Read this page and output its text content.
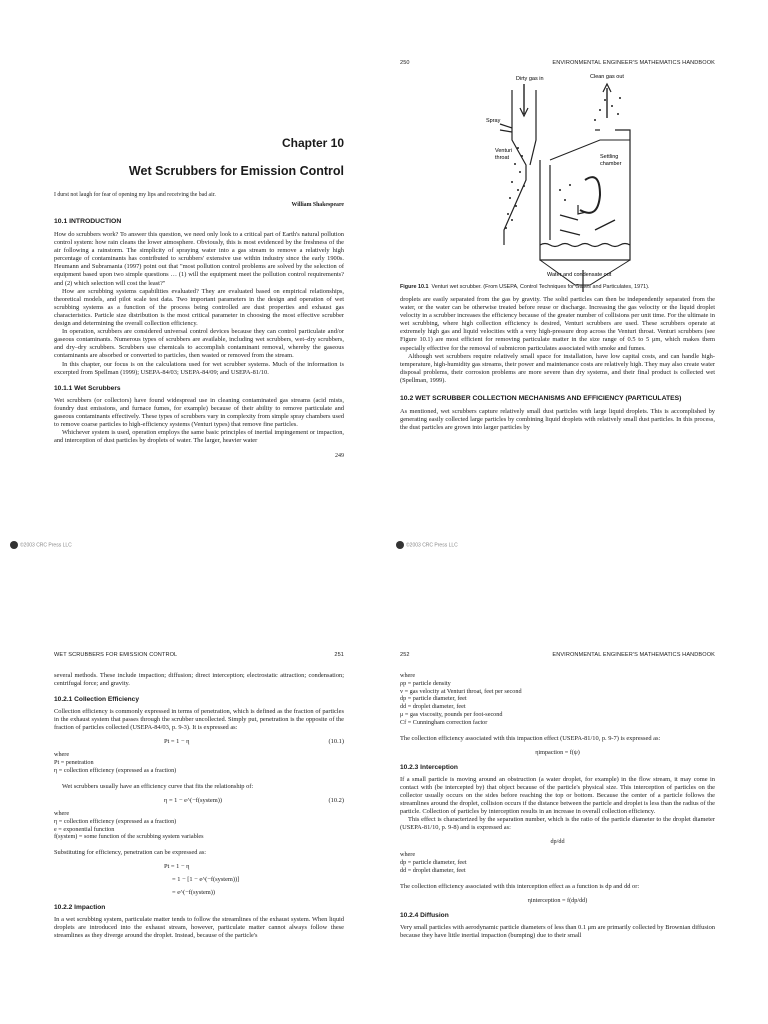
Chapter 10
Wet Scrubbers for Emission Control
I durst not laugh for fear of opening my lips and receiving the bad air.
William Shakespeare
10.1 INTRODUCTION

How do scrubbers work? To answer this question, we need only look to a critical part of Earth's natural pollution control system: how rain cleans the lower atmosphere. Obviously, this is most evidenced by the freshness of the air following a rainstorm. The simplicity of spraying water into a gas stream to remove a relatively high percentage of contaminants has contributed to scrubbers' extensive use within industry since the early 1900s. Heumann and Subramania (1997) point out that "most pollution control problems are solved by the selection of equipment based upon two simple questions … (1) will the equipment meet the pollution control requirements? and (2) which selection will cost the least?"

How are scrubbing systems capabilities evaluated? They are evaluated based on empirical relationships, theoretical models, and pilot scale test data. Two important parameters in the design and operation of wet scrubbing systems as a function of the process being controlled are dust properties and exhaust gas characteristics. Particle size distribution is the most critical parameter in choosing the most effective scrubber design and determining the overall collection efficiency.

In operation, scrubbers are considered universal control devices because they can control particulate and/or gaseous contaminants. Numerous types of scrubbers are available, including wet scrubbers, wet–dry scrubbers, and dry–dry scrubbers. Scrubbers use chemicals to accomplish contaminant removal, whereby the gaseous contaminants are absorbed or converted to particles, then wasted or removed from the stream.

In this chapter, our focus is on the calculations used for wet scrubber systems. Much of the information is excerpted from Spellman (1999); USEPA-84/03; USEPA-84/09; and USEPA-81/10.

10.1.1 Wet Scrubbers

Wet scrubbers (or collectors) have found widespread use in cleaning contaminated gas streams (acid mists, foundry dust emissions, and furnace fumes, for example) because of their ability to remove particulate and gaseous contaminants effectively. These types of scrubbers vary in complexity from simple spray chambers used to remove coarse particles to high-efficiency systems (Venturi types) that remove fine particles.

Whichever system is used, operation employs the same basic principles of inertial impingement or impaction, and interception of dust particles by droplets of water. The larger, heavier water

249
©2003 CRC Press LLC
250	ENVIRONMENTAL ENGINEER'S MATHEMATICS HANDBOOK
Clean gas out
Dirty gas in
Spray
Venturi
throat	Settling
chamber
Water and condensate out
Figure 10.1 Venturi wet scrubber. (From USEPA, Control Techniques for Gases and Particulates, 1971).

droplets are easily separated from the gas by gravity. The solid particles can then be independently separated from the water, or the water can be otherwise treated before reuse or discharge. Increasing the gas velocity or the liquid droplet velocity in a scrubber increases the efficiency because of the greater number of collisions per unit time. For the ultimate in wet scrubbing, where high collection efficiency is desired, Venturi scrubbers are used. These scrubbers operate at extremely high gas and liquid velocities with a very high-pressure drop across the Venturi throat. Venturi scrubbers (see Figure 10.1) are most efficient for removing particulate matter in the size range of 0.5 to 5 μm, which makes them especially effective for the removal of submicron particulates associated with smoke and fumes.

Although wet scrubbers require relatively small space for installation, have low capital costs, and can handle high-temperature, high-humidity gas streams, their power and maintenance costs are relatively high. They may also create water disposal problems, their corrosion problems are more severe than dry systems, and their final product is collected wet (Spellman, 1999).

10.2 WET SCRUBBER COLLECTION MECHANISMS AND EFFICIENCY (PARTICULATES)

As mentioned, wet scrubbers capture relatively small dust particles with large liquid droplets. This is accomplished by generating easily collected large particles by combining liquid droplets with relatively small dust particles. In this process, the dust particles are grown into larger particles by

©2003 CRC Press LLC
WET SCRUBBERS FOR EMISSION CONTROL	251

several methods. These include impaction; diffusion; direct interception; electrostatic attraction; condensation; centrifugal force; and gravity.

10.2.1 Collection Efficiency

Collection efficiency is commonly expressed in terms of penetration, which is defined as the fraction of particles in the exhaust system that passes through the scrubber uncollected. Simply put, penetration is the opposite of the fraction of particles collected (USEPA-84/03, p. 9-3). It is expressed as:

Pt = 1 − η	(10.1)
where
Pt = penetration
η = collection efficiency (expressed as a fraction)

Wet scrubbers usually have an efficiency curve that fits the relationship of:

η = 1 − e^(−f(system))	(10.2)
where
η = collection efficiency (expressed as a fraction)
e = exponential function
f(system) = some function of the scrubbing system variables

Substituting for efficiency, penetration can be expressed as:

Pt = 1 − η
= 1 − [1 − e^(−f(system))]
= e^(−f(system))
10.2.2 Impaction

In a wet scrubbing system, particulate matter tends to follow the streamlines of the exhaust system. When liquid droplets are introduced into the exhaust stream, however, particulate matter cannot always follow these streamlines as they diverge around the droplet. Instead, because of the particle's

252	ENVIRONMENTAL ENGINEER'S MATHEMATICS HANDBOOK
where
ρp = particle density
v = gas velocity at Venturi throat, feet per second
dp = particle diameter, feet
dd = droplet diameter, feet
μ = gas viscosity, pounds per foot-second
Cf = Cunningham correction factor

The collection efficiency associated with this impaction effect (USEPA-81/10, p. 9-7) is expressed as:

ηimpaction = f(ψ)
10.2.3 Interception

If a small particle is moving around an obstruction (a water droplet, for example) in the flow stream, it may come in contact with (be intercepted by) that object because of the particle's physical size. This interception of particles on the collector usually occurs on the sides before reaching the top or bottom. Because the center of a particle follows the streamlines around the droplet, collision occurs if the distance between the particle and droplet is less than the radius of the particle. Collection of particles by interception results in an increase in overall collection efficiency.

This effect is characterized by the separation number, which is the ratio of the particle diameter to the droplet diameter (USEPA-81/10, p. 9-8) and is expressed as:

dp/dd
where
dp = particle diameter, feet
dd = droplet diameter, feet

The collection efficiency associated with this interception effect as a function is dp and dd or:

ηinterception = f(dp/dd)
10.2.4 Diffusion

Very small particles with aerodynamic particle diameters of less than 0.1 μm are primarily collected by Brownian diffusion because they have little inertial impaction (bumping) due to their small
